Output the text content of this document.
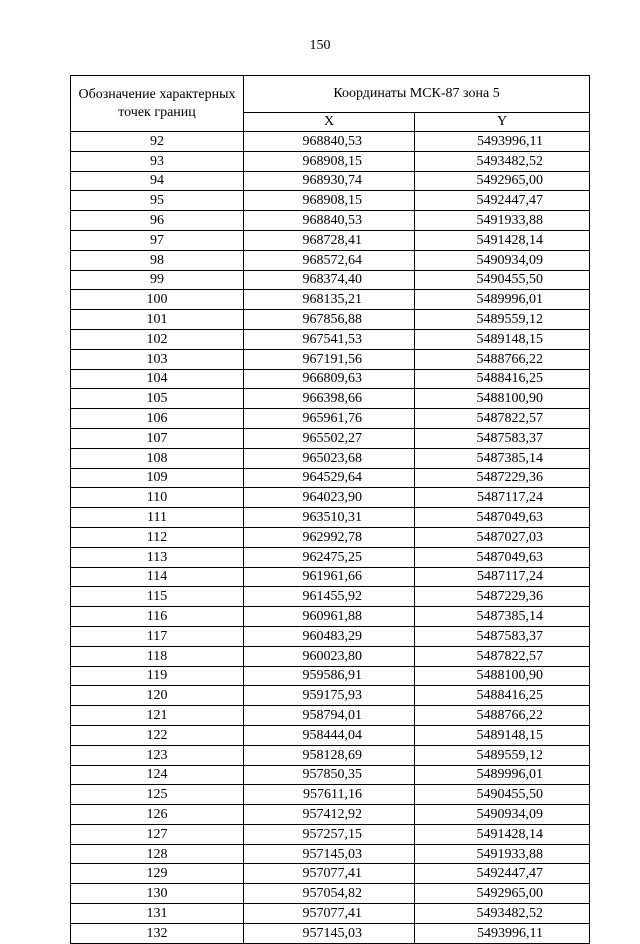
150
Обозначение характерных точек границ	Координаты МСК-87 зона 5	
	X	Y
92	968840,53	5493996,11
93	968908,15	5493482,52
94	968930,74	5492965,00
95	968908,15	5492447,47
96	968840,53	5491933,88
97	968728,41	5491428,14
98	968572,64	5490934,09
99	968374,40	5490455,50
100	968135,21	5489996,01
101	967856,88	5489559,12
102	967541,53	5489148,15
103	967191,56	5488766,22
104	966809,63	5488416,25
105	966398,66	5488100,90
106	965961,76	5487822,57
107	965502,27	5487583,37
108	965023,68	5487385,14
109	964529,64	5487229,36
110	964023,90	5487117,24
111	963510,31	5487049,63
112	962992,78	5487027,03
113	962475,25	5487049,63
114	961961,66	5487117,24
115	961455,92	5487229,36
116	960961,88	5487385,14
117	960483,29	5487583,37
118	960023,80	5487822,57
119	959586,91	5488100,90
120	959175,93	5488416,25
121	958794,01	5488766,22
122	958444,04	5489148,15
123	958128,69	5489559,12
124	957850,35	5489996,01
125	957611,16	5490455,50
126	957412,92	5490934,09
127	957257,15	5491428,14
128	957145,03	5491933,88
129	957077,41	5492447,47
130	957054,82	5492965,00
131	957077,41	5493482,52
132	957145,03	5493996,11
